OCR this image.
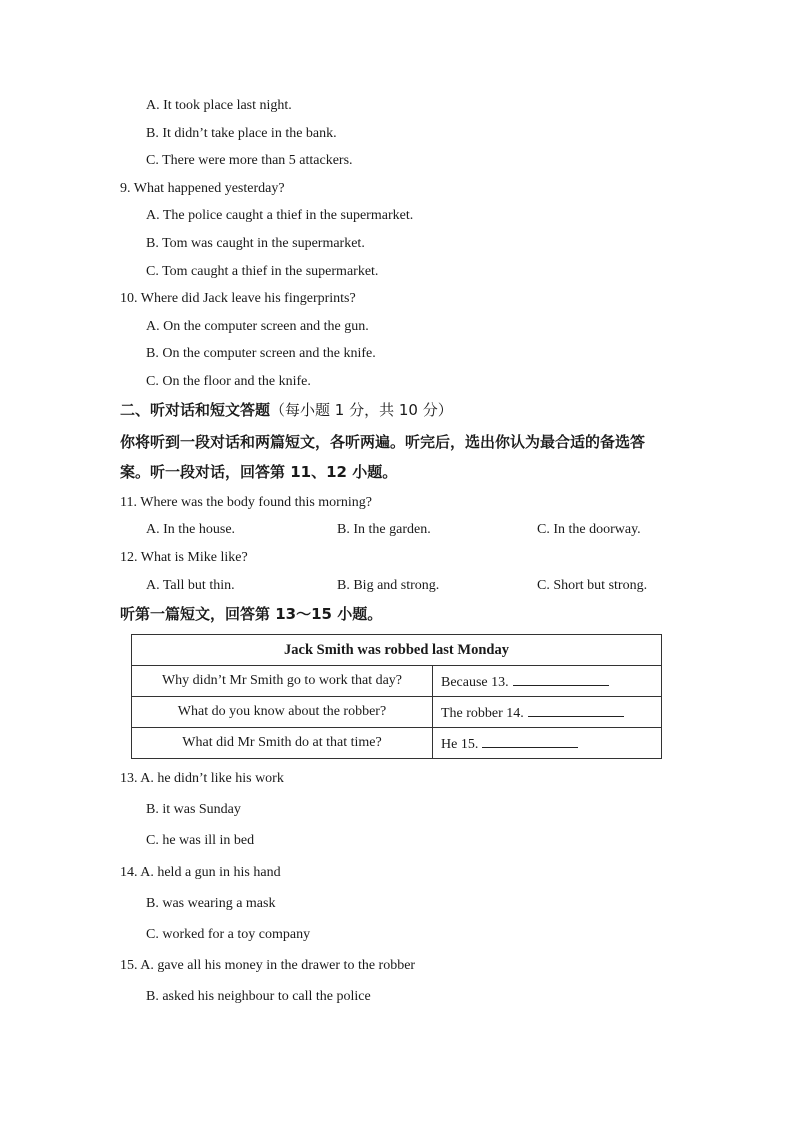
A. It took place last night.
B. It didn’t take place in the bank.
C. There were more than 5 attackers.
9. What happened yesterday?
A. The police caught a thief in the supermarket.
B. Tom was caught in the supermarket.
C. Tom caught a thief in the supermarket.
10. Where did Jack leave his fingerprints?
A. On the computer screen and the gun.
B. On the computer screen and the knife.
C. On the floor and the knife.
二、听对话和短文答题（每小题 1 分，共 10 分）
你将听到一段对话和两篇短文，各听两遍。听完后，选出你认为最合适的备选答
案。听一段对话，回答第 11、12 小题。
11. Where was the body found this morning?
A. In the house.	B. In the garden.	C. In the doorway.
12. What is Mike like?
A. Tall but thin.	B. Big and strong.	C. Short but strong.
听第一篇短文，回答第 13～15 小题。
Jack Smith was robbed last Monday	
Why didn’t Mr Smith go to work that day?	Because 13.
What do you know about the robber?	The robber 14.
What did Mr Smith do at that time?	He 15.
13. A. he didn’t like his work
B. it was Sunday
C. he was ill in bed
14. A. held a gun in his hand
B. was wearing a mask
C. worked for a toy company
15. A. gave all his money in the drawer to the robber
B. asked his neighbour to call the police
